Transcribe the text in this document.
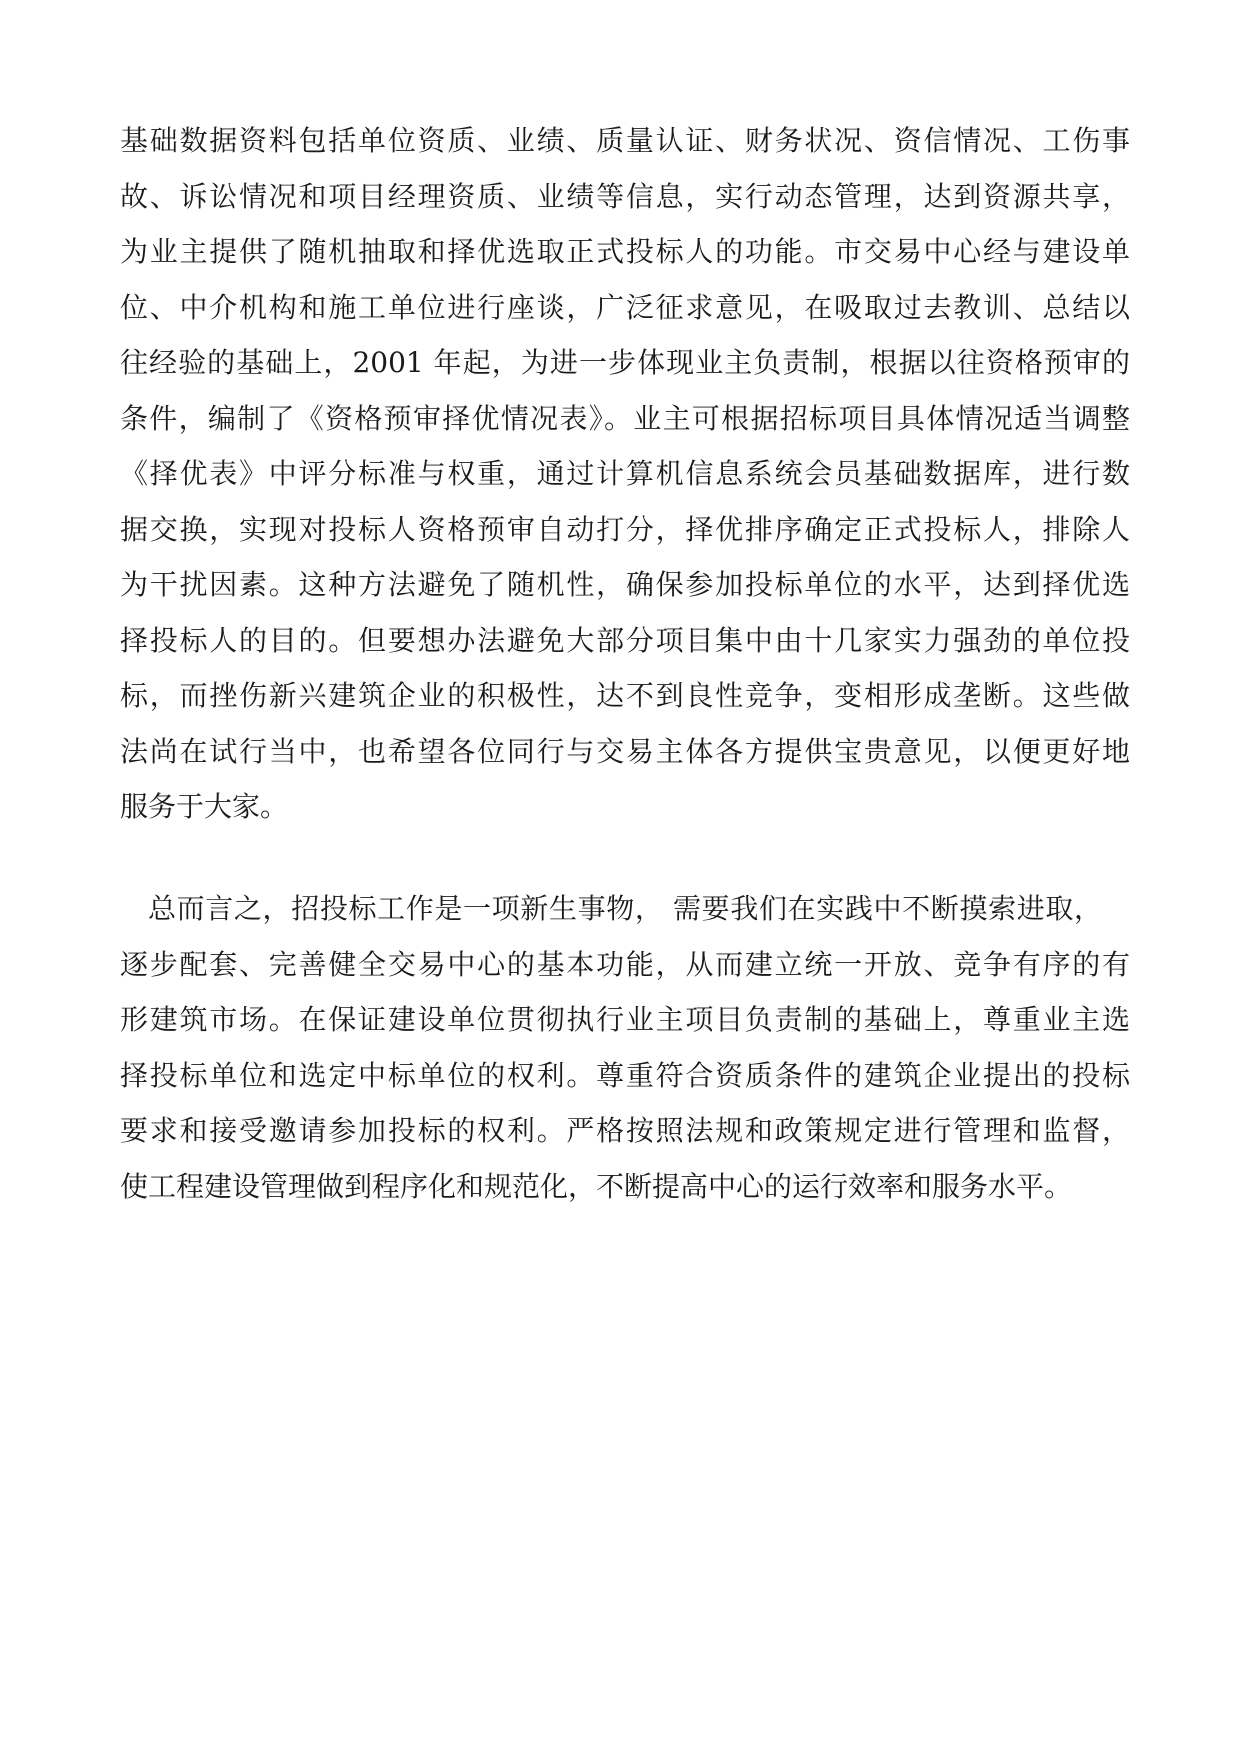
基础数据资料包括单位资质、业绩、质量认证、财务状况、资信情况、工伤事
故、诉讼情况和项目经理资质、业绩等信息，实行动态管理，达到资源共享，
为业主提供了随机抽取和择优选取正式投标人的功能。市交易中心经与建设单
位、中介机构和施工单位进行座谈，广泛征求意见，在吸取过去教训、总结以
往经验的基础上，2001 年起，为进一步体现业主负责制，根据以往资格预审的
条件，编制了《资格预审择优情况表》。业主可根据招标项目具体情况适当调整
《择优表》中评分标准与权重，通过计算机信息系统会员基础数据库，进行数
据交换，实现对投标人资格预审自动打分，择优排序确定正式投标人，排除人
为干扰因素。这种方法避免了随机性，确保参加投标单位的水平，达到择优选
择投标人的目的。但要想办法避免大部分项目集中由十几家实力强劲的单位投
标，而挫伤新兴建筑企业的积极性，达不到良性竞争，变相形成垄断。这些做
法尚在试行当中，也希望各位同行与交易主体各方提供宝贵意见，以便更好地
服务于大家。
总而言之，招投标工作是一项新生事物， 需要我们在实践中不断摸索进取，
逐步配套、完善健全交易中心的基本功能，从而建立统一开放、竞争有序的有
形建筑市场。在保证建设单位贯彻执行业主项目负责制的基础上，尊重业主选
择投标单位和选定中标单位的权利。尊重符合资质条件的建筑企业提出的投标
要求和接受邀请参加投标的权利。严格按照法规和政策规定进行管理和监督，
使工程建设管理做到程序化和规范化，不断提高中心的运行效率和服务水平。
